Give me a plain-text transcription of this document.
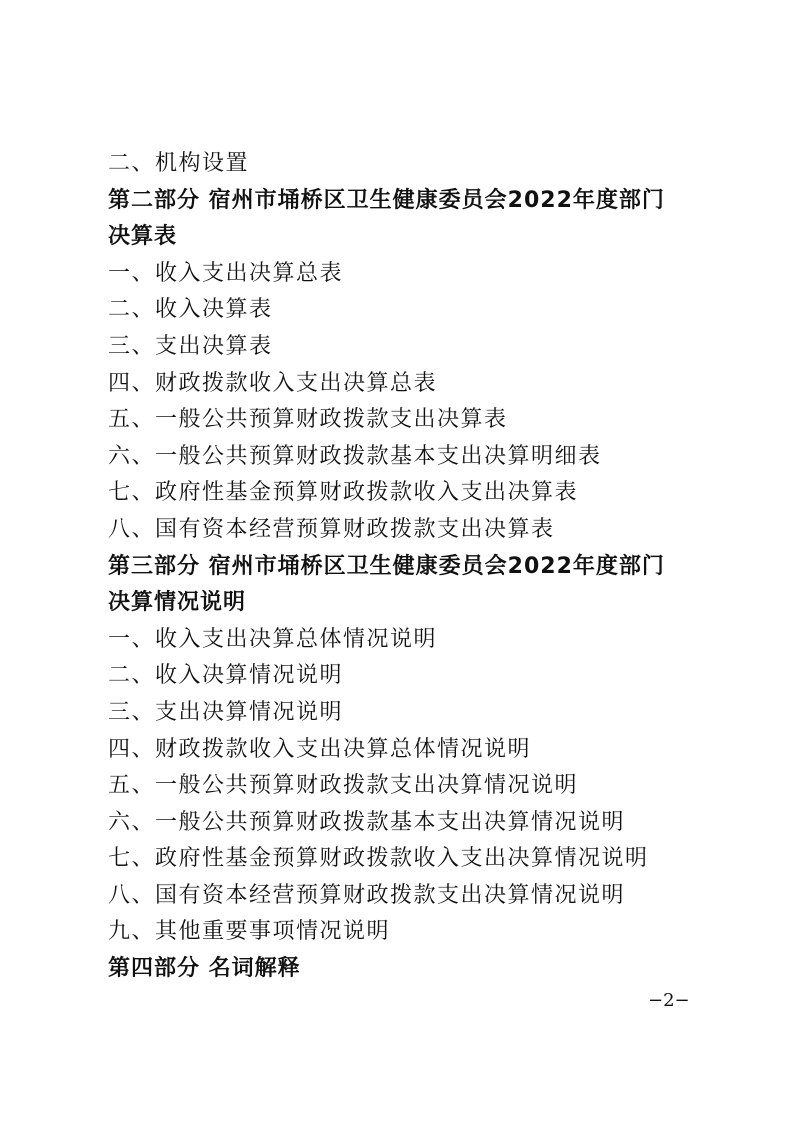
二、机构设置
第二部分 宿州市埇桥区卫生健康委员会2022年度部门
决算表
一、收入支出决算总表
二、收入决算表
三、支出决算表
四、财政拨款收入支出决算总表
五、一般公共预算财政拨款支出决算表
六、一般公共预算财政拨款基本支出决算明细表
七、政府性基金预算财政拨款收入支出决算表
八、国有资本经营预算财政拨款支出决算表
第三部分 宿州市埇桥区卫生健康委员会2022年度部门
决算情况说明
一、收入支出决算总体情况说明
二、收入决算情况说明
三、支出决算情况说明
四、财政拨款收入支出决算总体情况说明
五、一般公共预算财政拨款支出决算情况说明
六、一般公共预算财政拨款基本支出决算情况说明
七、政府性基金预算财政拨款收入支出决算情况说明
八、国有资本经营预算财政拨款支出决算情况说明
九、其他重要事项情况说明
第四部分 名词解释
−2−
